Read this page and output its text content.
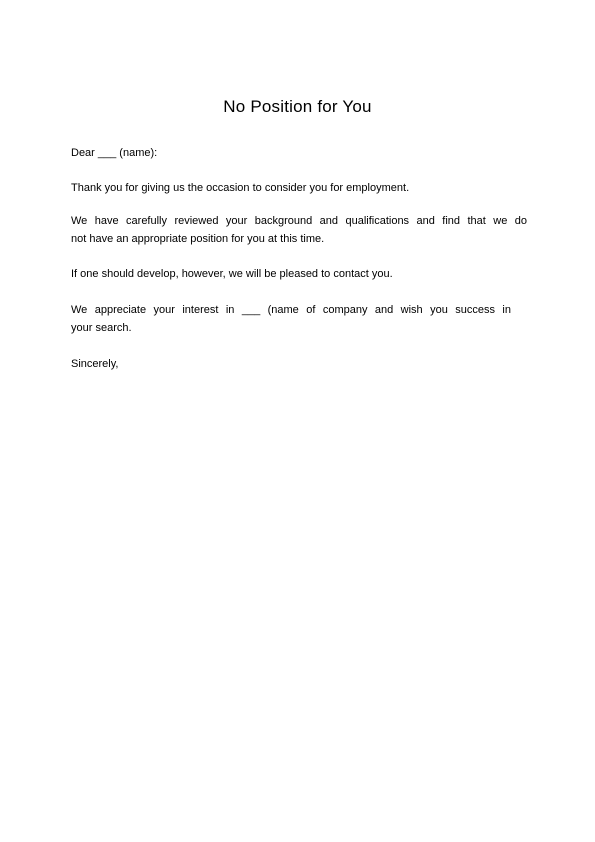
No Position for You

Dear ___ (name):

Thank you for giving us the occasion to consider you for employment.

We have carefully reviewed your background and qualifications and find that we do
not have an appropriate position for you at this time.

If one should develop, however, we will be pleased to contact you.

We appreciate your interest in ___ (name of company and wish you success in
your search.

Sincerely,
